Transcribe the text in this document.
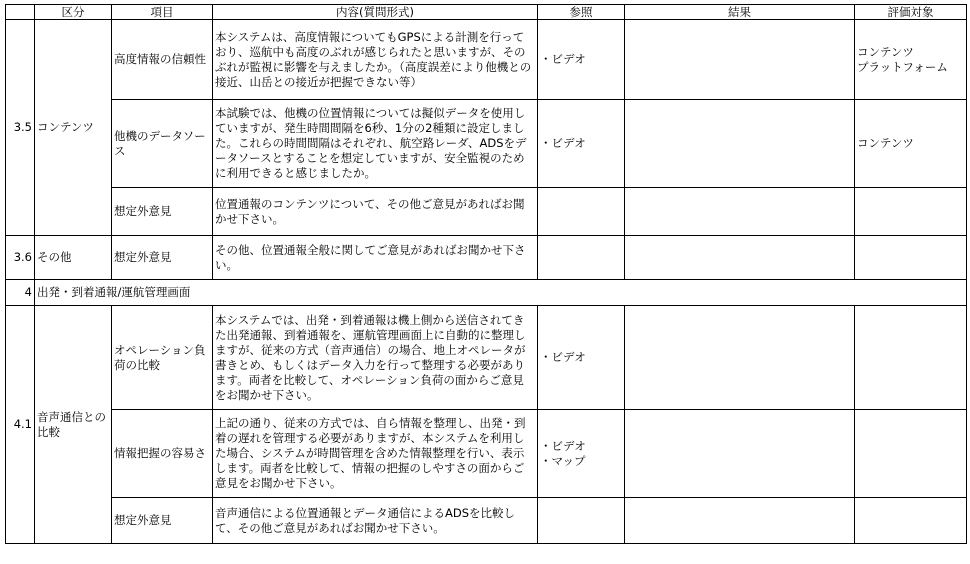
	区分	項目	内容(質問形式)	参照	結果	評価対象
3.5	コンテンツ	高度情報の信頼性	本システムは、高度情報についてもGPSによる計測を行っており、巡航中も高度のぶれが感じられたと思いますが、そのぶれが監視に影響を与えましたか。（高度誤差により他機との接近、山岳との接近が把握できない等）	・ビデオ		コンテンツ
プラットフォーム

		他機のデータソース	本試験では、他機の位置情報については擬似データを使用していますが、発生時間間隔を6秒、1分の2種類に設定しました。これらの時間間隔はそれぞれ、航空路レーダ、ADSをデータソースとすることを想定していますが、安全監視のために利用できると感じましたか。	・ビデオ		コンテンツ

		想定外意見	位置通報のコンテンツについて、その他ご意見があればお聞かせ下さい。			
3.6	その他	想定外意見	その他、位置通報全般に関してご意見があればお聞かせ下さい。			
4	出発・到着通報/運航管理画面					
4.1	音声通信との比較	オペレーション負荷の比較	本システムでは、出発・到着通報は機上側から送信されてきた出発通報、到着通報を、運航管理画面上に自動的に整理しますが、従来の方式（音声通信）の場合、地上オペレータが書きとめ、もしくはデータ入力を行って整理する必要があります。両者を比較して、オペレーション負荷の面からご意見をお聞かせ下さい。	・ビデオ		

		情報把握の容易さ	上記の通り、従来の方式では、自ら情報を整理し、出発・到着の遅れを管理する必要がありますが、本システムを利用した場合、システムが時間管理を含めた情報整理を行い、表示します。両者を比較して、情報の把握のしやすさの面からご意見をお聞かせ下さい。	・ビデオ
・マップ		

		想定外意見	音声通信による位置通報とデータ通信によるADSを比較して、その他ご意見があればお聞かせ下さい。			
